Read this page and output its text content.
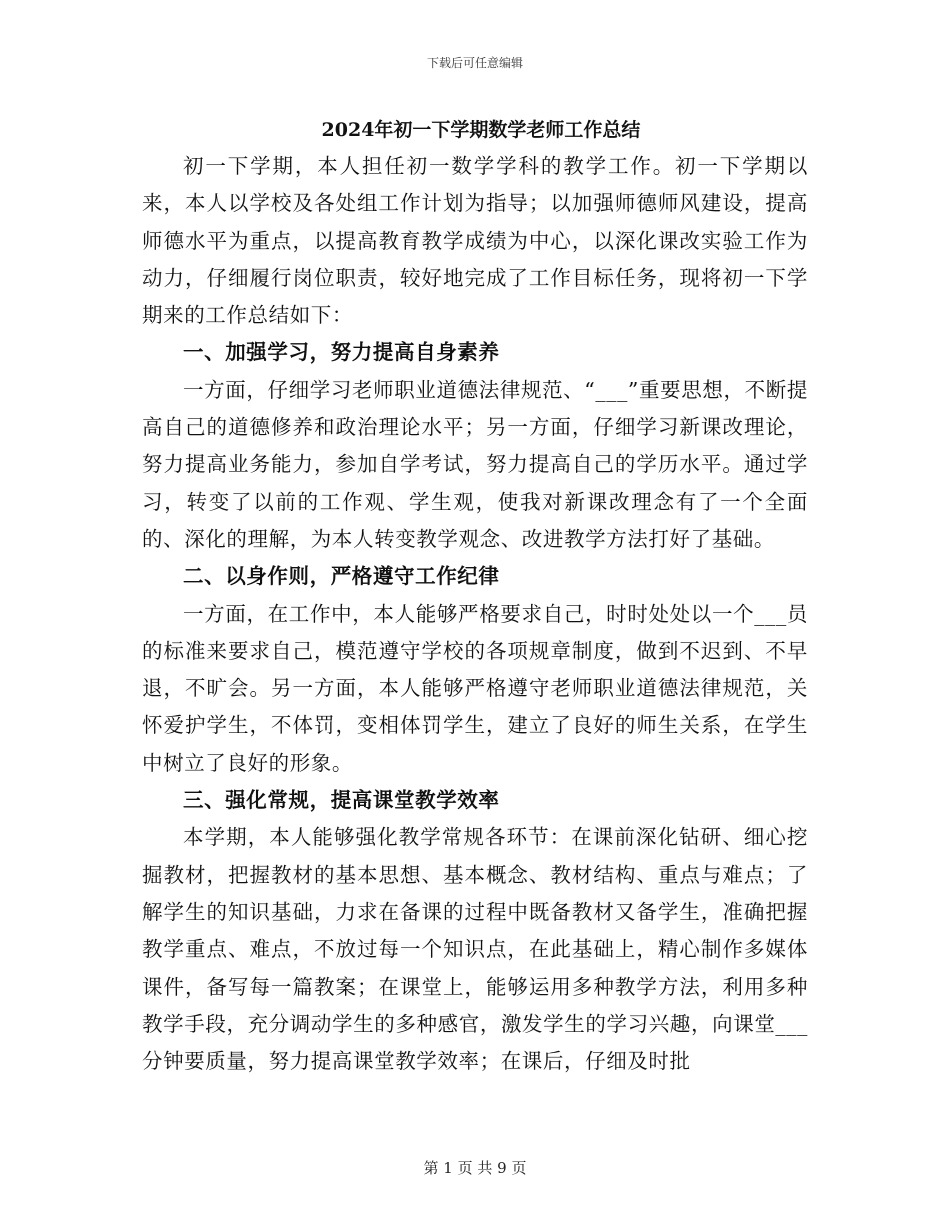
下载后可任意编辑
2024年初一下学期数学老师工作总结

初一下学期，本人担任初一数学学科的教学工作。初一下学期以来，本人以学校及各处组工作计划为指导；以加强师德师风建设，提高师德水平为重点，以提高教育教学成绩为中心，以深化课改实验工作为动力，仔细履行岗位职责，较好地完成了工作目标任务，现将初一下学期来的工作总结如下：

一、加强学习，努力提高自身素养

一方面，仔细学习老师职业道德法律规范、“___”重要思想，不断提高自己的道德修养和政治理论水平；另一方面，仔细学习新课改理论，努力提高业务能力，参加自学考试，努力提高自己的学历水平。通过学习，转变了以前的工作观、学生观，使我对新课改理念有了一个全面的、深化的理解，为本人转变教学观念、改进教学方法打好了基础。

二、以身作则，严格遵守工作纪律

一方面，在工作中，本人能够严格要求自己，时时处处以一个___员的标准来要求自己，模范遵守学校的各项规章制度，做到不迟到、不早退，不旷会。另一方面，本人能够严格遵守老师职业道德法律规范，关怀爱护学生，不体罚，变相体罚学生，建立了良好的师生关系，在学生中树立了良好的形象。

三、强化常规，提高课堂教学效率

本学期，本人能够强化教学常规各环节：在课前深化钻研、细心挖掘教材，把握教材的基本思想、基本概念、教材结构、重点与难点；了解学生的知识基础，力求在备课的过程中既备教材又备学生，准确把握教学重点、难点，不放过每一个知识点，在此基础上，精心制作多媒体课件，备写每一篇教案；在课堂上，能够运用多种教学方法，利用多种教学手段，充分调动学生的多种感官，激发学生的学习兴趣，向课堂___分钟要质量，努力提高课堂教学效率；在课后，仔细及时批

第 1 页 共 9 页
